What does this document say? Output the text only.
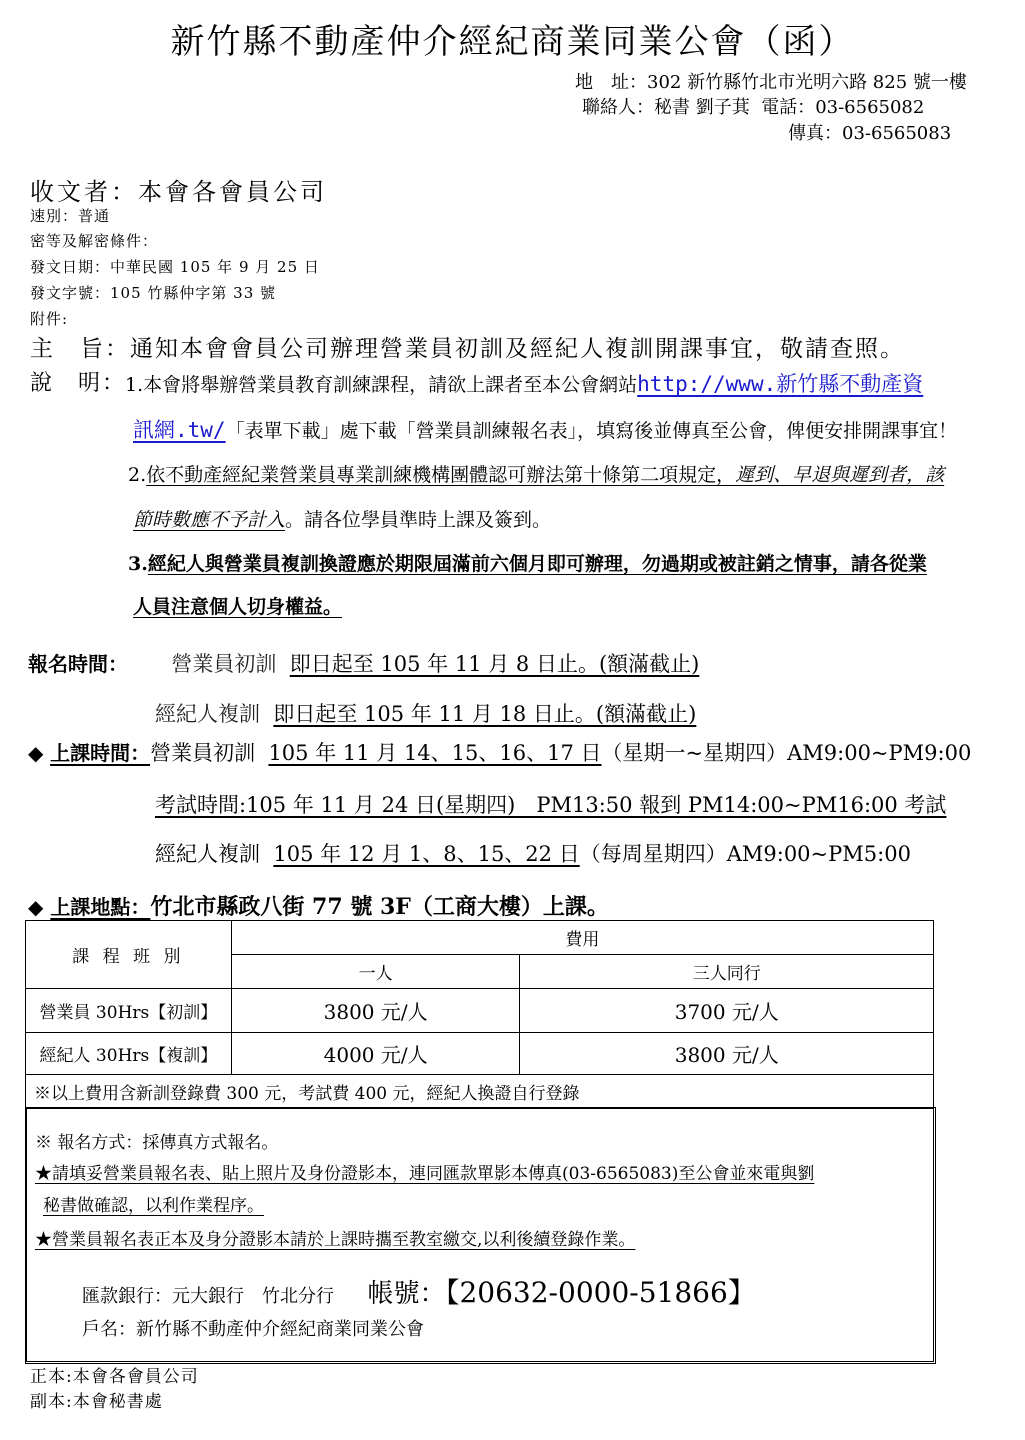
新竹縣不動產仲介經紀商業同業公會（函）
地　址：302 新竹縣竹北市光明六路 825 號一樓
聯絡人：秘書 劉子萁 電話：03-6565082
傳真：03-6565083
收文者：本會各會員公司
速別：普通
密等及解密條件：
發文日期：中華民國 105 年 9 月 25 日
發文字號：105 竹縣仲字第 33 號
附件:
主　旨：通知本會會員公司辦理營業員初訓及經紀人複訓開課事宜，敬請查照。
說　明：
1.本會將舉辦營業員教育訓練課程，請欲上課者至本公會網站http://www.新竹縣不動產資
訊網.tw/「表單下載」處下載「營業員訓練報名表」，填寫後並傳真至公會，俾便安排開課事宜！
2.依不動產經紀業營業員專業訓練機構團體認可辦法第十條第二項規定，遲到、早退與遲到者，該
節時數應不予計入。請各位學員準時上課及簽到。
3.經紀人與營業員複訓換證應於期限屆滿前六個月即可辦理，勿過期或被註銷之情事，請各從業
人員注意個人切身權益。
報名時間： 營業員初訓 即日起至 105 年 11 月 8 日止。(額滿截止)
經紀人複訓 即日起至 105 年 11 月 18 日止。(額滿截止)
◆ 上課時間：營業員初訓 105 年 11 月 14、15、16、17 日（星期一~星期四）AM9:00~PM9:00
考試時間:105 年 11 月 24 日(星期四)　PM13:50 報到 PM14:00~PM16:00 考試
經紀人複訓 105 年 12 月 1、8、15、22 日（每周星期四）AM9:00~PM5:00
◆ 上課地點：竹北市縣政八街 77 號 3F（工商大樓）上課。
課 程 班 別	費用	
	一人	三人同行
營業員 30Hrs【初訓】	3800 元/人	3700 元/人
經紀人 30Hrs【複訓】	4000 元/人	3800 元/人
※以上費用含新訓登錄費 300 元，考試費 400 元，經紀人換證自行登錄		
※ 報名方式：採傳真方式報名。
★請填妥營業員報名表、貼上照片及身份證影本，連同匯款單影本傳真(03-6565083)至公會並來電與劉
秘書做確認，以利作業程序。
★營業員報名表正本及身分證影本請於上課時攜至教室繳交,以利後續登錄作業。
匯款銀行：元大銀行　竹北分行 帳號：【20632-0000-51866】
戶名：新竹縣不動產仲介經紀商業同業公會
正本:本會各會員公司
副本:本會秘書處
